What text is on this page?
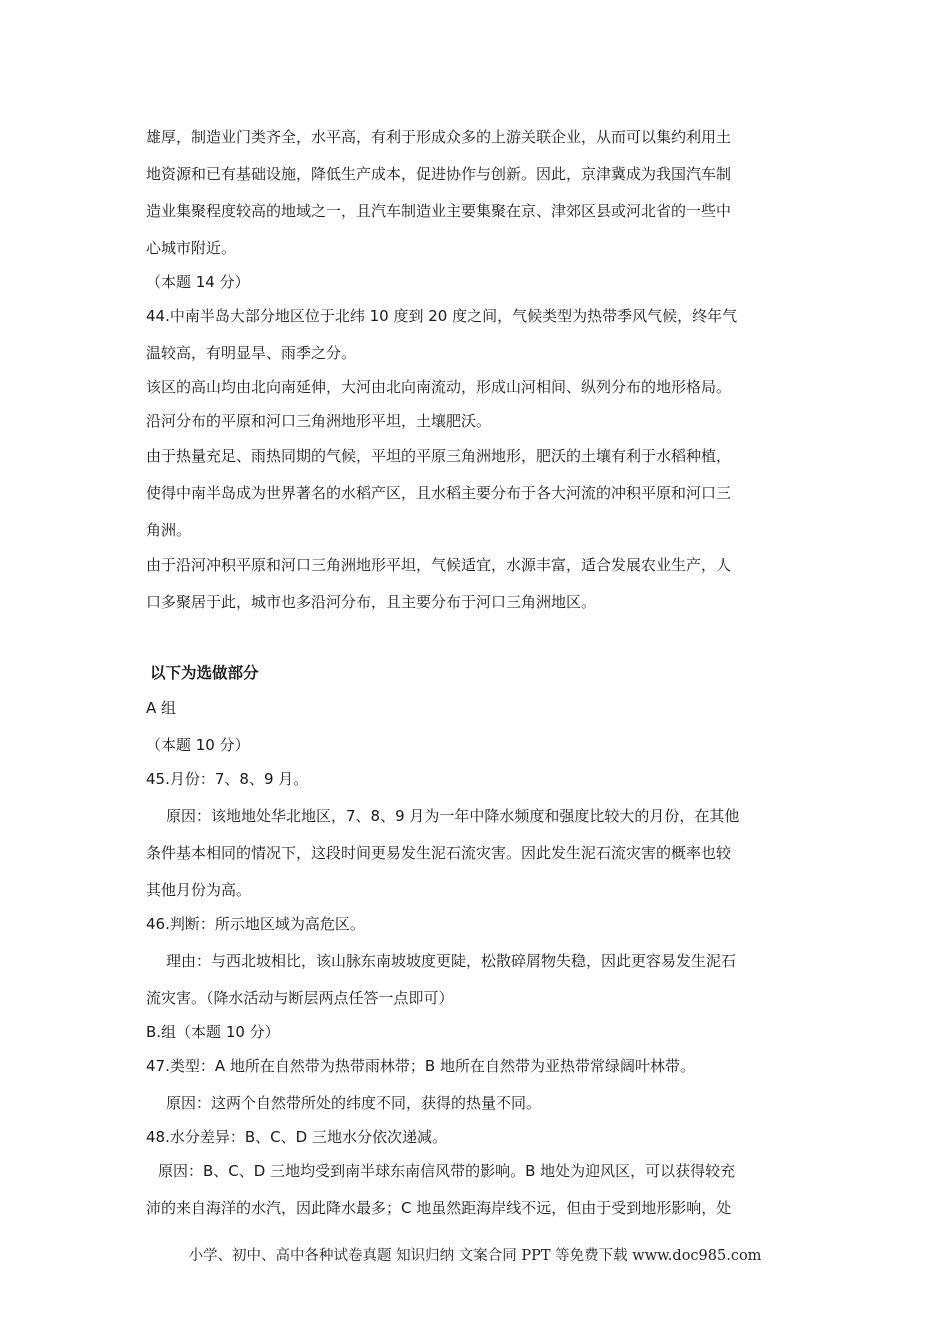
雄厚，制造业门类齐全，水平高，有利于形成众多的上游关联企业，从而可以集约利用土
地资源和已有基础设施，降低生产成本，促进协作与创新。因此，京津冀成为我国汽车制
造业集聚程度较高的地域之一，且汽车制造业主要集聚在京、津郊区县或河北省的一些中
心城市附近。
（本题 14 分）
44.中南半岛大部分地区位于北纬 10 度到 20 度之间，气候类型为热带季风气候，终年气
温较高，有明显旱、雨季之分。
该区的高山均由北向南延伸，大河由北向南流动，形成山河相间、纵列分布的地形格局。
沿河分布的平原和河口三角洲地形平坦，土壤肥沃。
由于热量充足、雨热同期的气候，平坦的平原三角洲地形，肥沃的土壤有利于水稻种植，
使得中南半岛成为世界著名的水稻产区，且水稻主要分布于各大河流的冲积平原和河口三
角洲。
由于沿河冲积平原和河口三角洲地形平坦，气候适宜，水源丰富，适合发展农业生产，人
口多聚居于此，城市也多沿河分布，且主要分布于河口三角洲地区。
以下为选做部分
A 组
（本题 10 分）
45.月份：7、8、9 月。
原因：该地地处华北地区，7、8、9 月为一年中降水频度和强度比较大的月份，在其他
条件基本相同的情况下，这段时间更易发生泥石流灾害。因此发生泥石流灾害的概率也较
其他月份为高。
46.判断：所示地区域为高危区。
理由：与西北坡相比，该山脉东南坡坡度更陡，松散碎屑物失稳，因此更容易发生泥石
流灾害。（降水活动与断层两点任答一点即可）
B.组（本题 10 分）
47.类型：A 地所在自然带为热带雨林带；B 地所在自然带为亚热带常绿阔叶林带。
原因：这两个自然带所处的纬度不同，获得的热量不同。
48.水分差异：B、C、D 三地水分依次递减。
原因：B、C、D 三地均受到南半球东南信风带的影响。B 地处为迎风区，可以获得较充
沛的来自海洋的水汽，因此降水最多；C 地虽然距海岸线不远，但由于受到地形影响，处
小学、初中、高中各种试卷真题 知识归纳 文案合同 PPT 等免费下载 www.doc985.com
